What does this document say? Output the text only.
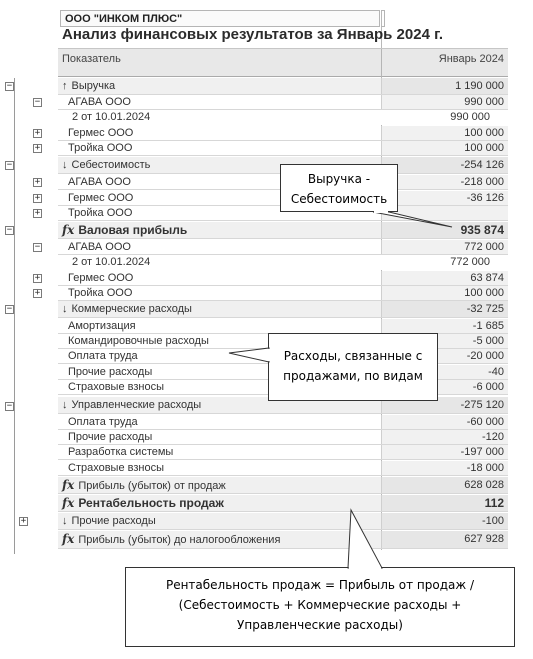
ООО "ИНКОМ ПЛЮС"
Анализ финансовых результатов за Январь 2024 г.
Показатель	Январь 2024
−	↑ Выручка	1 190 000
−	АГАВА ООО	990 000
2 от 10.01.2024	990 000
+	Гермес ООО	100 000
+	Тройка ООО	100 000
−	↓ Себестоимость	-254 126
+	АГАВА ООО	-218 000
+	Гермес ООО	-36 126
+	Тройка ООО
−	fx Валовая прибыль	935 874
−	АГАВА ООО	772 000
2 от 10.01.2024	772 000
+	Гермес ООО	63 874
+	Тройка ООО	100 000
−	↓ Коммерческие расходы	-32 725
Амортизация	-1 685
Командировочные расходы	-5 000
Оплата труда	-20 000
Прочие расходы	-40
Страховые взносы	-6 000
−	↓ Управленческие расходы	-275 120
Оплата труда	-60 000
Прочие расходы	-120
Разработка системы	-197 000
Страховые взносы	-18 000
fx Прибыль (убыток) от продаж	628 028
fx Рентабельность продаж	112
+	↓ Прочие расходы	-100
fx Прибыль (убыток) до налогообложения	627 928
Выручка -
Себестоимость
Расходы, связанные с
продажами, по видам
Рентабельность продаж = Прибыль от продаж /
(Себестоимость + Коммерческие расходы +
Управленческие расходы)
